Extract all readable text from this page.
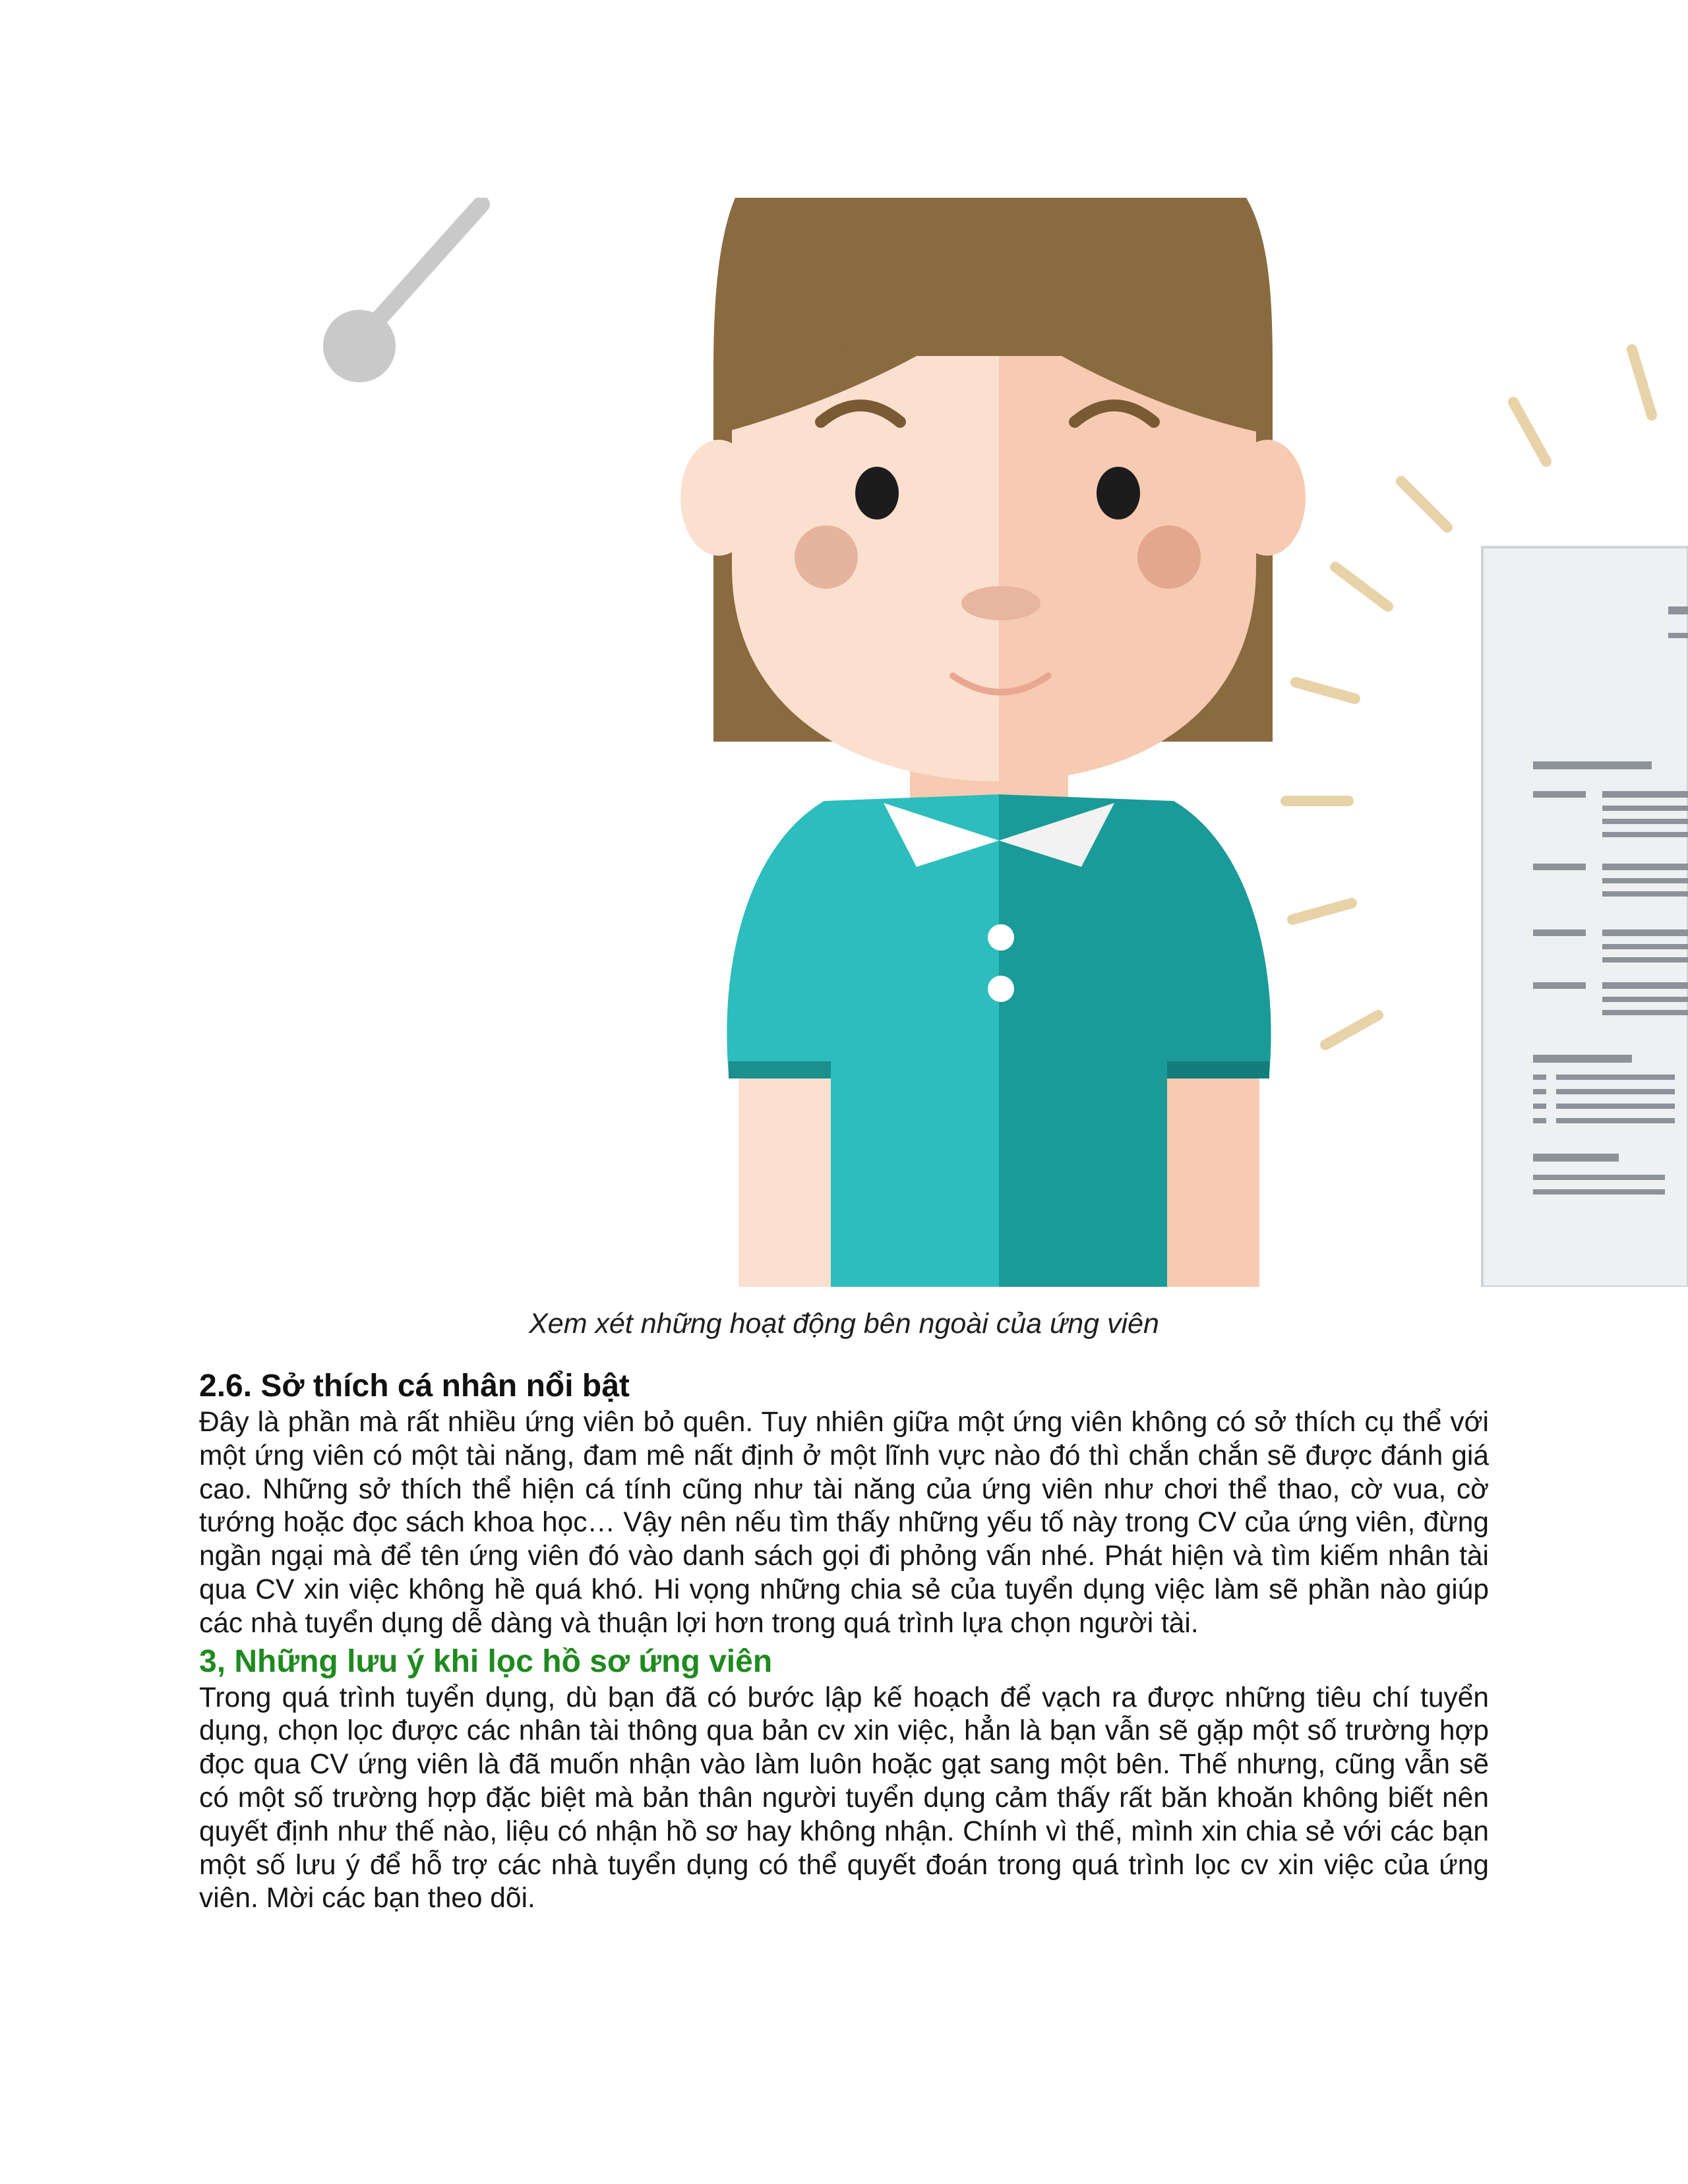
Xem xét những hoạt động bên ngoài của ứng viên

2.6. Sở thích cá nhân nổi bật

Đây là phần mà rất nhiều ứng viên bỏ quên. Tuy nhiên giữa một ứng viên không có sở thích cụ thể với một ứng viên có một tài năng, đam mê nất định ở một lĩnh vực nào đó thì chắn chắn sẽ được đánh giá cao. Những sở thích thể hiện cá tính cũng như tài năng của ứng viên như chơi thể thao, cờ vua, cờ tướng hoặc đọc sách khoa học… Vậy nên nếu tìm thấy những yếu tố này trong CV của ứng viên, đừng ngần ngại mà để tên ứng viên đó vào danh sách gọi đi phỏng vấn nhé. Phát hiện và tìm kiếm nhân tài qua CV xin việc không hề quá khó. Hi vọng những chia sẻ của tuyển dụng việc làm sẽ phần nào giúp các nhà tuyển dụng dễ dàng và thuận lợi hơn trong quá trình lựa chọn người tài.

3, Những lưu ý khi lọc hồ sơ ứng viên

Trong quá trình tuyển dụng, dù bạn đã có bước lập kế hoạch để vạch ra được những tiêu chí tuyển dụng, chọn lọc được các nhân tài thông qua bản cv xin việc, hẳn là bạn vẫn sẽ gặp một số trường hợp đọc qua CV ứng viên là đã muốn nhận vào làm luôn hoặc gạt sang một bên. Thế nhưng, cũng vẫn sẽ có một số trường hợp đặc biệt mà bản thân người tuyển dụng cảm thấy rất băn khoăn không biết nên quyết định như thế nào, liệu có nhận hồ sơ hay không nhận. Chính vì thế, mình xin chia sẻ với các bạn một số lưu ý để hỗ trợ các nhà tuyển dụng có thể quyết đoán trong quá trình lọc cv xin việc của ứng viên. Mời các bạn theo dõi.
